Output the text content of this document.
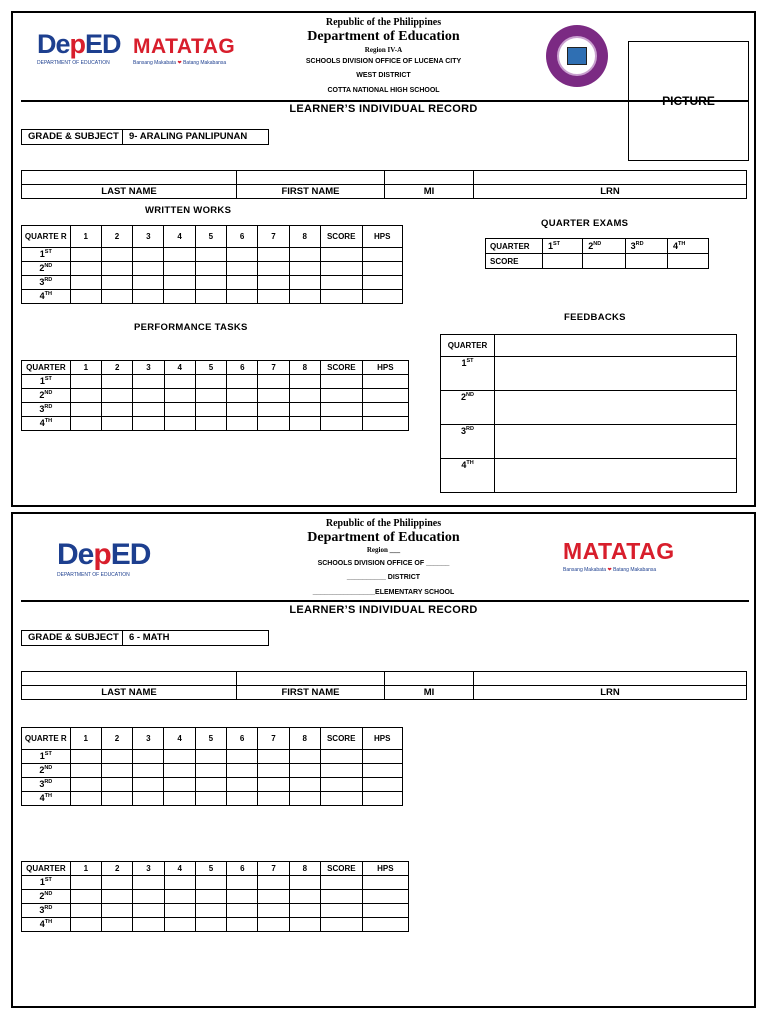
DepED
DEPARTMENT OF EDUCATION
MATATAG
Bansang Makabata ❤ Batang Makabansa
Republic of the Philippines
Department of Education
Region IV-A
SCHOOLS DIVISION OFFICE OF LUCENA CITY
WEST DISTRICT
COTTA NATIONAL HIGH SCHOOL
LEARNER’S INDIVIDUAL RECORD
GRADE & SUBJECT	9- ARALING PANLIPUNAN

LAST NAME	FIRST NAME	MI	LRN
WRITTEN WORKS
QUARTE R	1	2	3	4	5	6	7	8	SCORE	HPS
1ST										
2ND										
3RD										
4TH										
PERFORMANCE TASKS
QUARTER	1	2	3	4	5	6	7	8	SCORE	HPS
1ST										
2ND										
3RD										
4TH										
QUARTER EXAMS
QUARTER	1ST	2ND	3RD	4TH
SCORE				
FEEDBACKS
QUARTER	
1ST	
2ND	
3RD	
4TH	
DepED
DEPARTMENT OF EDUCATION
MATATAG
Bansang Makabata ❤ Batang Makabansa
Republic of the Philippines
Department of Education
Region ___
SCHOOLS DIVISION OFFICE OF ______
__________ DISTRICT
________________ELEMENTARY SCHOOL
LEARNER’S INDIVIDUAL RECORD
GRADE & SUBJECT	6 - MATH

LAST NAME	FIRST NAME	MI	LRN
QUARTE R	1	2	3	4	5	6	7	8	SCORE	HPS
1ST										
2ND										
3RD										
4TH										
QUARTER	1	2	3	4	5	6	7	8	SCORE	HPS
1ST										
2ND										
3RD										
4TH										
